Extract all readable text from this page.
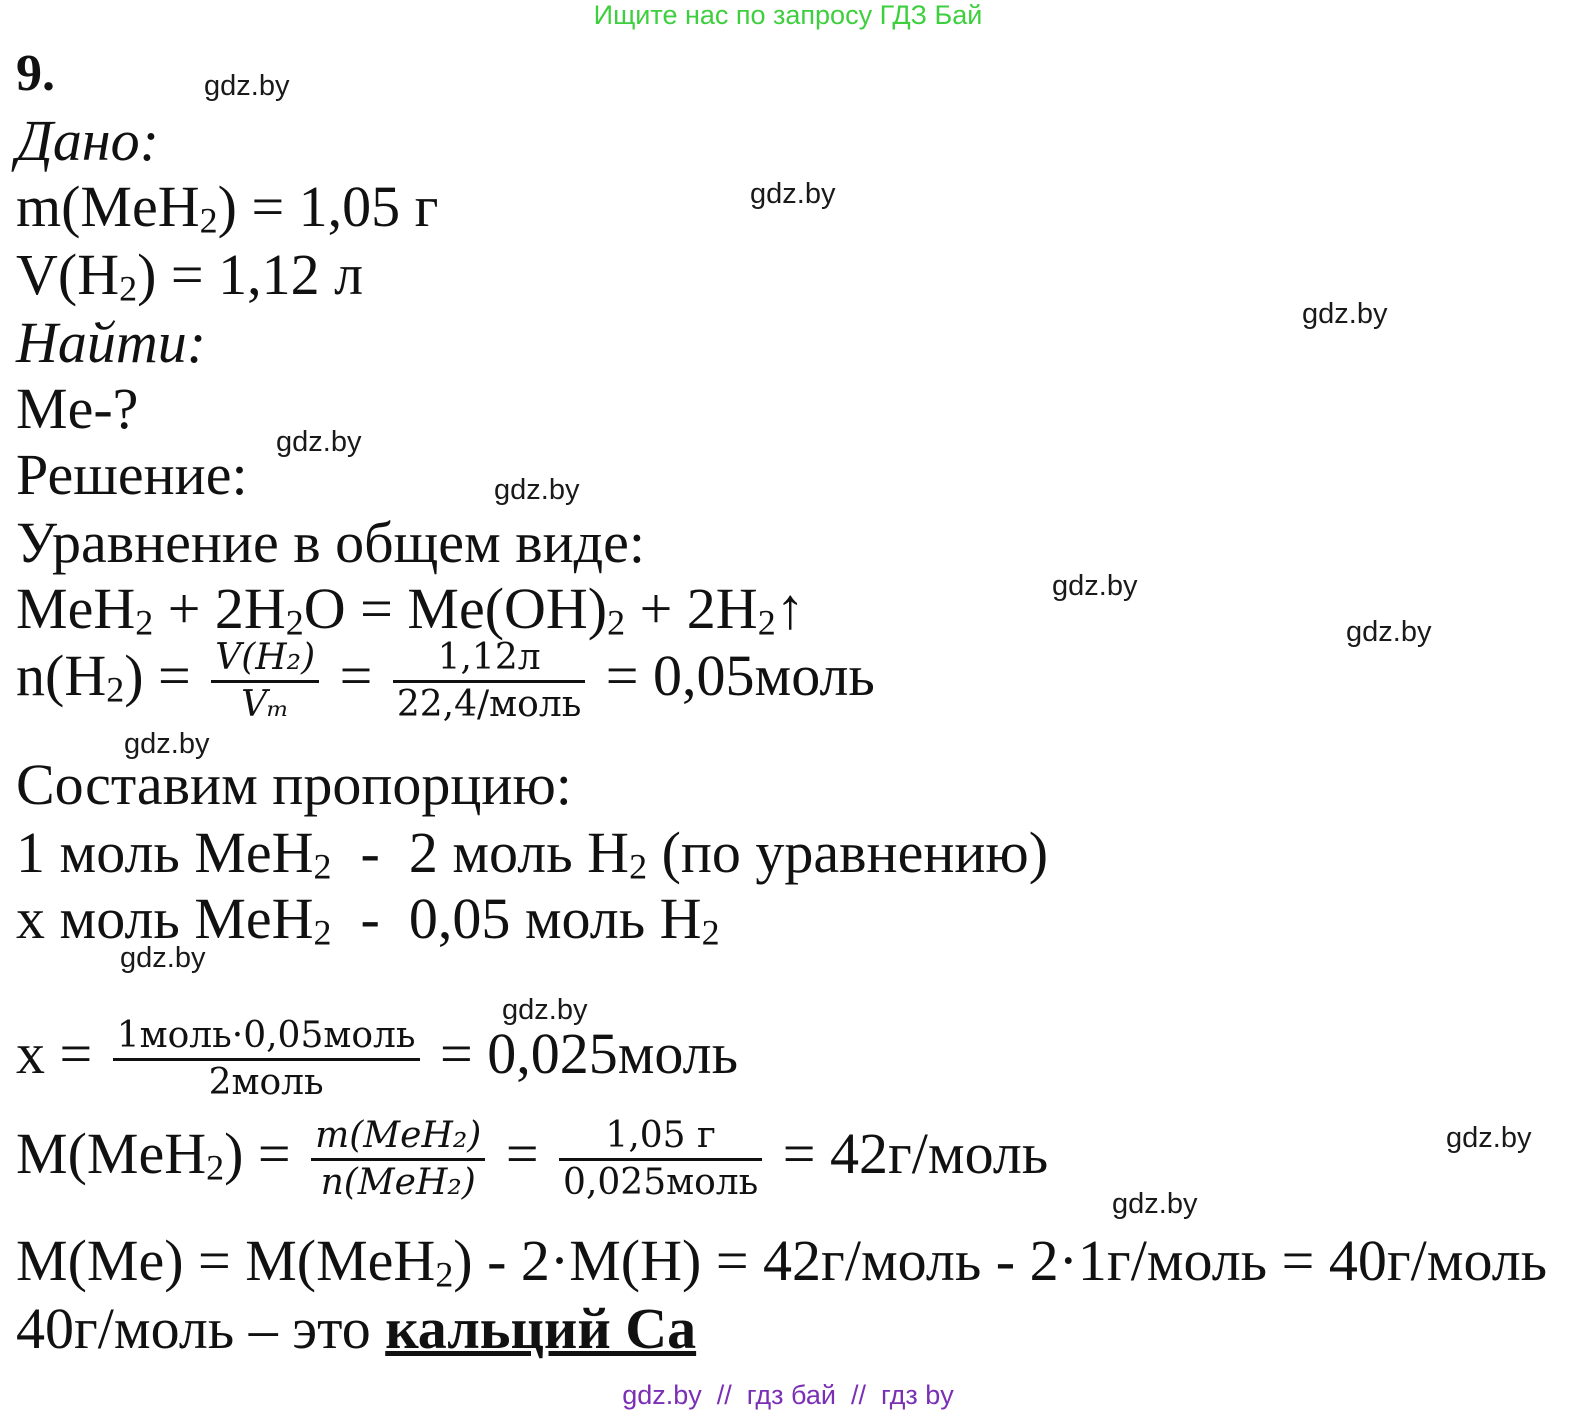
Ищите нас по запросу ГДЗ Бай
9.
Дано:
m(MeH$_2$) = 1,05 г
$V(H_2) = 1,12$ л
Найти:
Me-?
Решение:
Уравнение в общем виде:
$MeH_2 + 2H_2O = Me(OH)_2$ + $2H_2↑$
$n(H_2) = \frac{\text{V(H₂)}}{\text{Vₘ}} = \frac{1,12л}{\text{22,4/моль}}$ = 0,05моль
Составим пропорцию:
1 моль MeH$_2$  -  2 моль $H_2$ (по уравнению)
x моль MeH$_2$  -  0,05 моль $H_2$
$x = \frac{\text{1моль·0,05моль}}{\text{2моль}}$ = 0,025моль
$M(MeH_2) = \frac{\text{m(MeH₂)}}{\text{n(MeH₂)}} = \frac{1,05 г}{\text{0,025моль}}$ = 42г/моль
M(Me) = M(MeH$_2$) - 2·M(H) = 42г/моль - 2·1г/моль = 40г/моль
40г/моль – это кальций Ca
gdz.by
gdz.by
gdz.by
gdz.by
gdz.by
gdz.by
gdz.by
gdz.by
gdz.by
gdz.by
gdz.by
gdz.by
gdz.by  //  гдз бай  //  гдз by
